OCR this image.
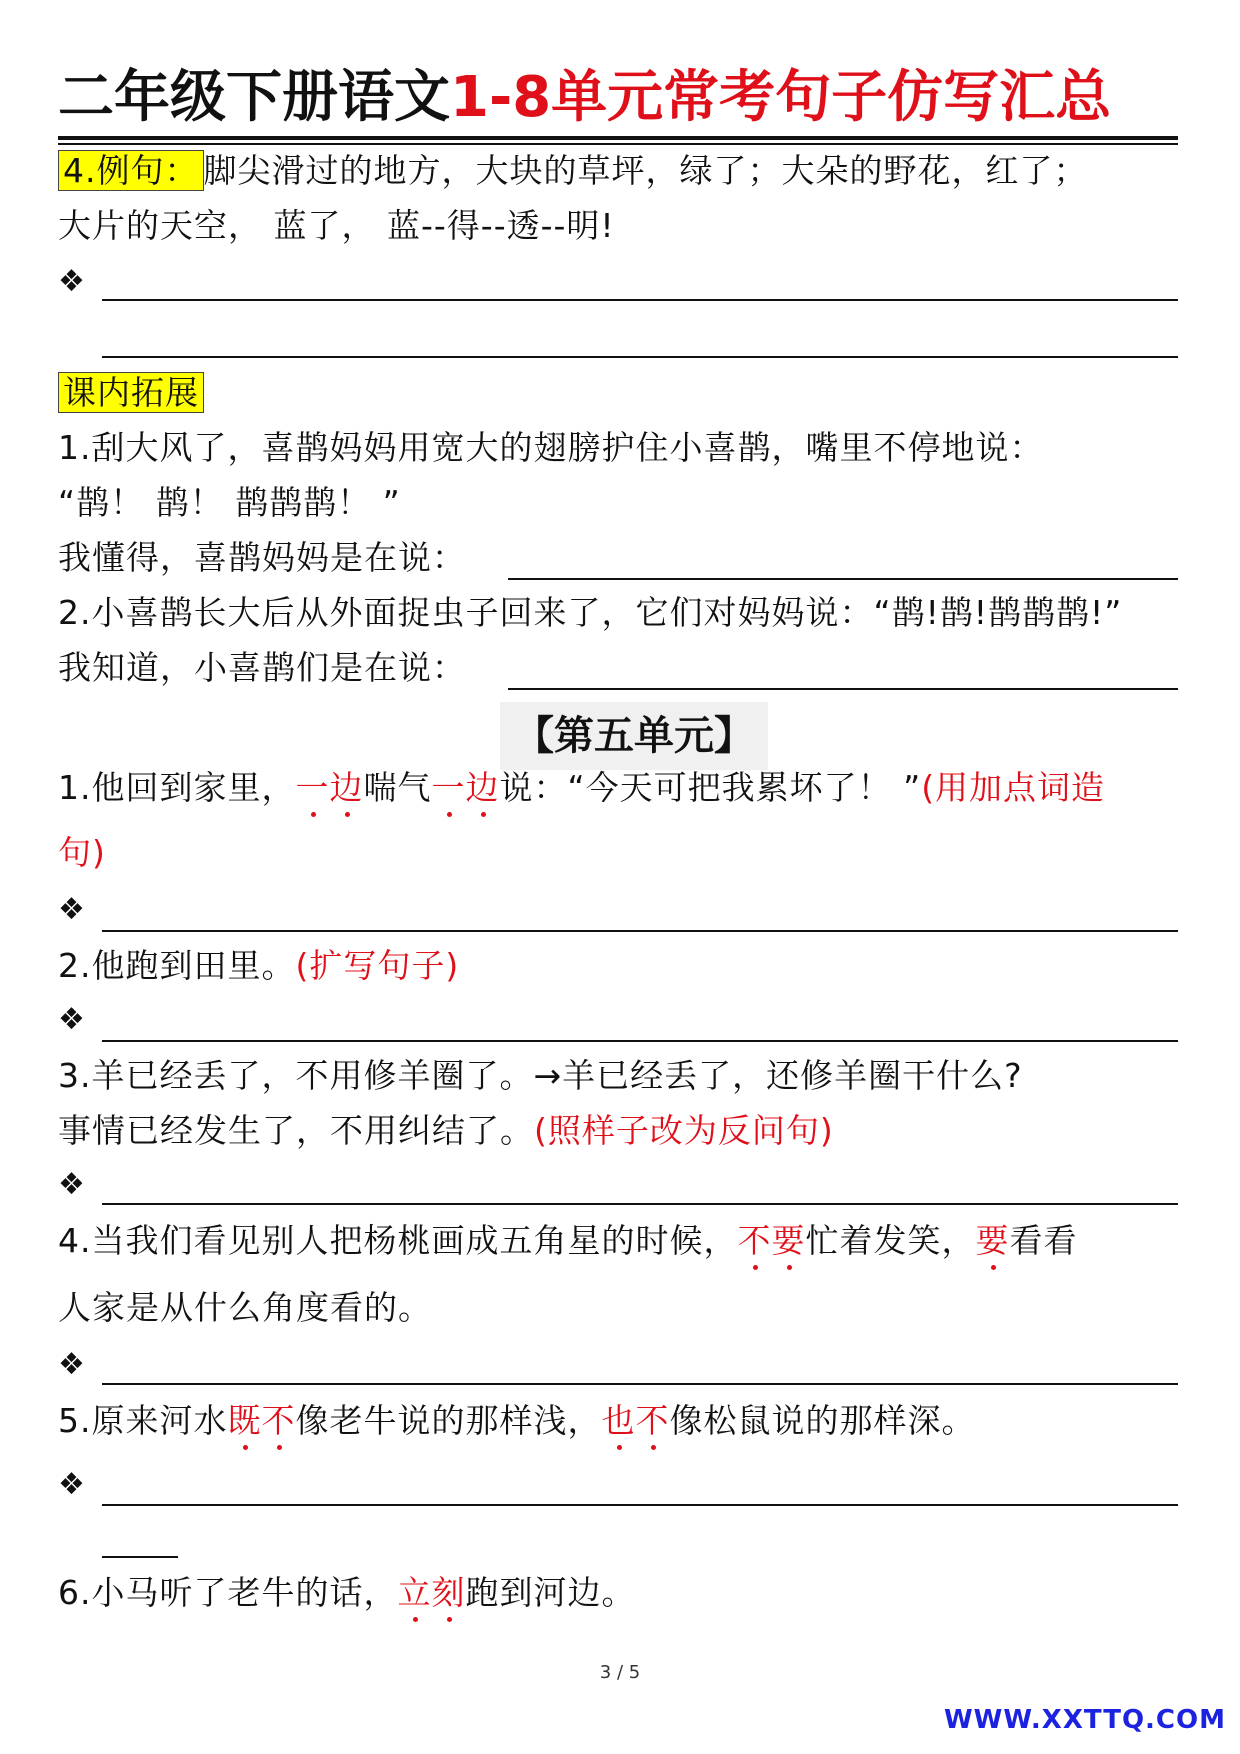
二年级下册语文1-8单元常考句子仿写汇总
4.例句： 脚尖滑过的地方，大块的草坪，绿了；大朵的野花，红了；
大片的天空， 蓝了， 蓝--得--透--明!
❖
课内拓展
1.刮大风了，喜鹊妈妈用宽大的翅膀护住小喜鹊，嘴里不停地说：
“鹊！ 鹊！ 鹊鹊鹊！ ”
我懂得，喜鹊妈妈是在说：
2.小喜鹊长大后从外面捉虫子回来了，它们对妈妈说：“鹊!鹊!鹊鹊鹊!”
我知道，小喜鹊们是在说：
【第五单元】
1.他回到家里，一边喘气一边说：“今天可把我累坏了！ ”(用加点词造
句)
❖
2.他跑到田里。(扩写句子)
❖
3.羊已经丢了，不用修羊圈了。→羊已经丢了，还修羊圈干什么?
事情已经发生了，不用纠结了。(照样子改为反问句)
❖
4.当我们看见别人把杨桃画成五角星的时候，不要忙着发笑，要看看
人家是从什么角度看的。
❖
5.原来河水既不像老牛说的那样浅，也不像松鼠说的那样深。
❖
6.小马听了老牛的话，立刻跑到河边。
3 / 5
WWW.XXTTQ.COM
